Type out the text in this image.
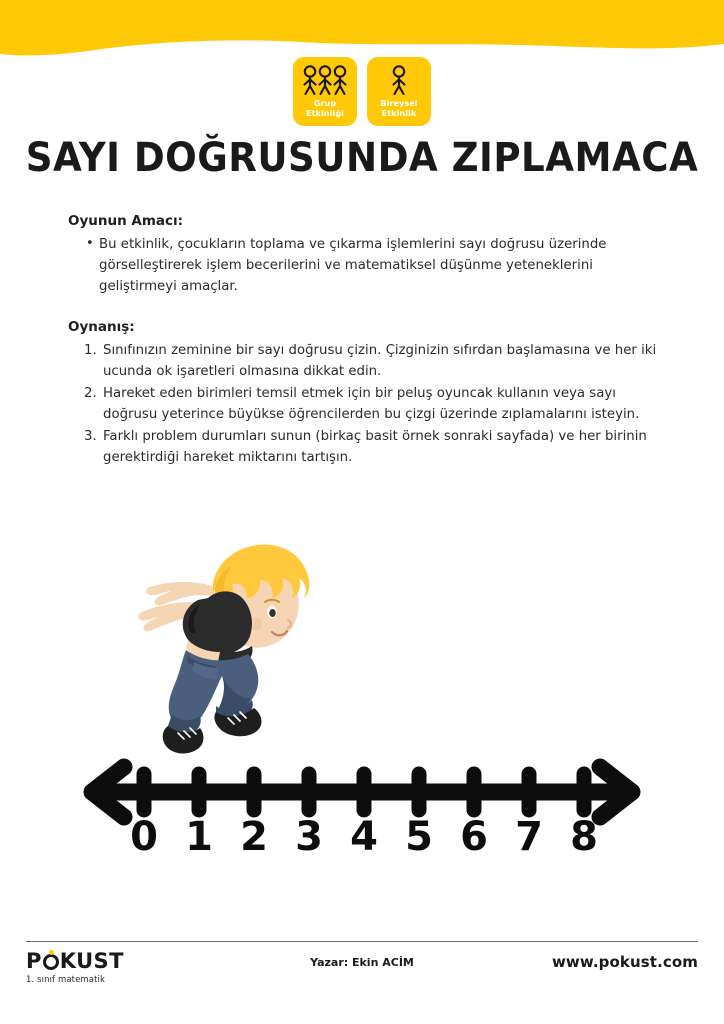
Grup
Etkinliği
Bireysel
Etkinlik
SAYI DOĞRUSUNDA ZIPLAMACA
Oyunun Amacı:
• Bu etkinlik, çocukların toplama ve çıkarma işlemlerini sayı doğrusu üzerinde görselleştirerek işlem becerilerini ve matematiksel düşünme yeteneklerini geliştirmeyi amaçlar.
Oynanış:
Sınıfınızın zeminine bir sayı doğrusu çizin. Çizginizin sıfırdan başlamasına ve her iki ucunda ok işaretleri olmasına dikkat edin.
Hareket eden birimleri temsil etmek için bir peluş oyuncak kullanın veya sayı doğrusu yeterince büyükse öğrencilerden bu çizgi üzerinde zıplamalarını isteyin.
Farklı problem durumları sunun (birkaç basit örnek sonraki sayfada) ve her birinin gerektirdiği hareket miktarını tartışın.
0 1 2 3 4 5 6 7 8
P KUST
1. sınıf matematik
Yazar: Ekin ACİM	www.pokust.com
